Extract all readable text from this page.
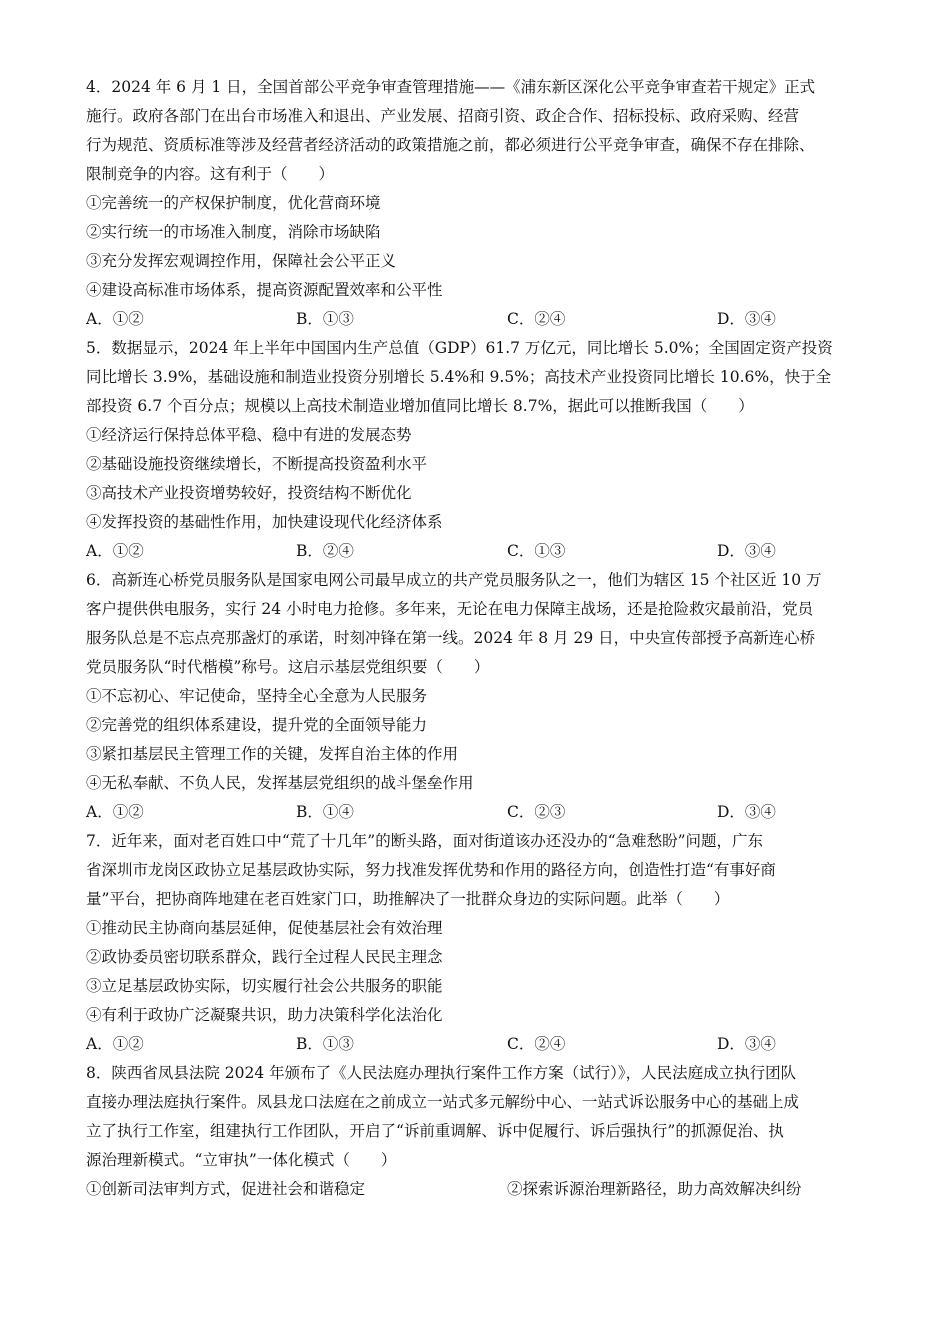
4．2024 年 6 月 1 日，全国首部公平竞争审查管理措施——《浦东新区深化公平竞争审查若干规定》正式
施行。政府各部门在出台市场准入和退出、产业发展、招商引资、政企合作、招标投标、政府采购、经营
行为规范、资质标准等涉及经营者经济活动的政策措施之前，都必须进行公平竞争审查，确保不存在排除、
限制竞争的内容。这有利于（　　）
①完善统一的产权保护制度，优化营商环境
②实行统一的市场准入制度，消除市场缺陷
③充分发挥宏观调控作用，保障社会公平正义
④建设高标准市场体系，提高资源配置效率和公平性
A．①②	B．①③	C．②④	D．③④
5．数据显示，2024 年上半年中国国内生产总值（GDP）61.7 万亿元，同比增长 5.0%；全国固定资产投资
同比增长 3.9%，基础设施和制造业投资分别增长 5.4%和 9.5%；高技术产业投资同比增长 10.6%，快于全
部投资 6.7 个百分点；规模以上高技术制造业增加值同比增长 8.7%，据此可以推断我国（　　）
①经济运行保持总体平稳、稳中有进的发展态势
②基础设施投资继续增长，不断提高投资盈利水平
③高技术产业投资增势较好，投资结构不断优化
④发挥投资的基础性作用，加快建设现代化经济体系
A．①②	B．②④	C．①③	D．③④
6．高新连心桥党员服务队是国家电网公司最早成立的共产党员服务队之一，他们为辖区 15 个社区近 10 万
客户提供供电服务，实行 24 小时电力抢修。多年来，无论在电力保障主战场，还是抢险救灾最前沿，党员
服务队总是不忘点亮那盏灯的承诺，时刻冲锋在第一线。2024 年 8 月 29 日，中央宣传部授予高新连心桥
党员服务队“时代楷模”称号。这启示基层党组织要（　　）
①不忘初心、牢记使命，坚持全心全意为人民服务
②完善党的组织体系建设，提升党的全面领导能力
③紧扣基层民主管理工作的关键，发挥自治主体的作用
④无私奉献、不负人民，发挥基层党组织的战斗堡垒作用
A．①②	B．①④	C．②③	D．③④
7．近年来，面对老百姓口中“荒了十几年”的断头路，面对街道该办还没办的“急难愁盼”问题，广东
省深圳市龙岗区政协立足基层政协实际，努力找准发挥优势和作用的路径方向，创造性打造“有事好商
量”平台，把协商阵地建在老百姓家门口，助推解决了一批群众身边的实际问题。此举（　　）
①推动民主协商向基层延伸，促使基层社会有效治理
②政协委员密切联系群众，践行全过程人民民主理念
③立足基层政协实际，切实履行社会公共服务的职能
④有利于政协广泛凝聚共识，助力决策科学化法治化
A．①②	B．①③	C．②④	D．③④
8．陕西省凤县法院 2024 年颁布了《人民法庭办理执行案件工作方案（试行）》，人民法庭成立执行团队
直接办理法庭执行案件。凤县龙口法庭在之前成立一站式多元解纷中心、一站式诉讼服务中心的基础上成
立了执行工作室，组建执行工作团队，开启了“诉前重调解、诉中促履行、诉后强执行”的抓源促治、执
源治理新模式。“立审执”一体化模式（　　）
①创新司法审判方式，促进社会和谐稳定	②探索诉源治理新路径，助力高效解决纠纷
